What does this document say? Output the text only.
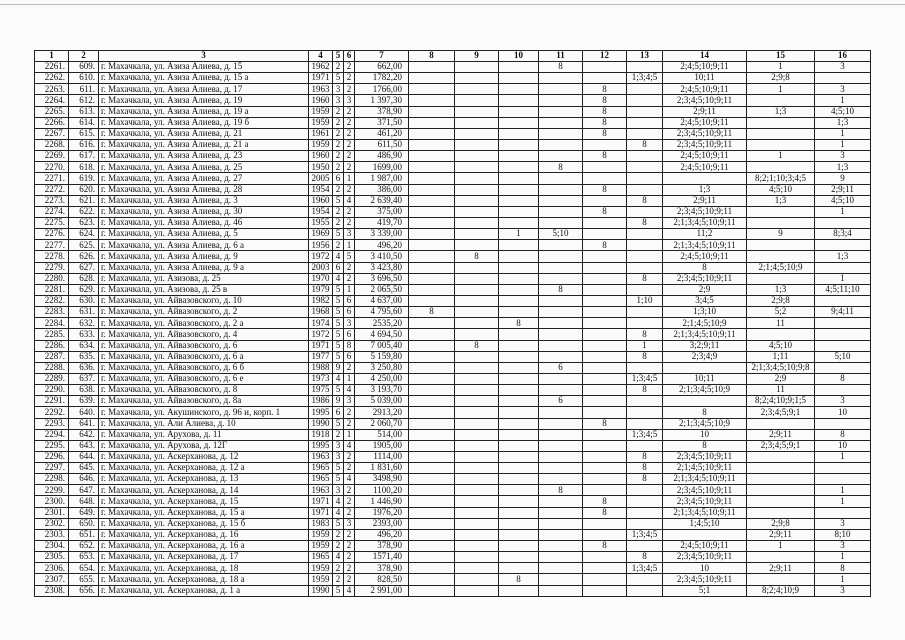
1	2	3	4	5	6	7	8	9	10	11	12	13	14	15	16
2261.	609.	г. Махачкала, ул. Азиза Алиева, д. 15	1962	2	2	662,00				8			2;4;5;10;9;11	1	3
2262.	610.	г. Махачкала, ул. Азиза Алиева, д. 15 а	1971	5	2	1782,20						1;3;4;5	10;11	2;9;8	
2263.	611.	г. Махачкала, ул. Азиза Алиева, д. 17	1963	3	2	1766,00					8		2;4;5;10;9;11	1	3
2264.	612.	г. Махачкала, ул. Азиза Алиева, д. 19	1960	3	3	1 397,30					8		2;3;4;5;10;9;11		1
2265.	613.	г. Махачкала, ул. Азиза Алиева, д. 19 а	1959	2	2	378,90					8		2;9;11	1;3	4;5;10
2266.	614.	г. Махачкала, ул. Азиза Алиева, д. 19 б	1959	2	2	371,50					8		2;4;5;10;9;11		1;3
2267.	615.	г. Махачкала, ул. Азиза Алиева, д. 21	1961	2	2	461,20					8		2;3;4;5;10;9;11		1
2268.	616.	г. Махачкала, ул. Азиза Алиева, д. 21 а	1959	2	2	611,50						8	2;3;4;5;10;9;11		1
2269.	617.	г. Махачкала, ул. Азиза Алиева, д. 23	1960	2	2	486,90					8		2;4;5;10;9;11	1	3
2270.	618.	г. Махачкала, ул. Азиза Алиева, д. 25	1950	2	2	1699,00				8			2;4;5;10;9;11		1;3
2271.	619.	г. Махачкала, ул. Азиза Алиева, д. 27	2005	6	1	1 987,00								8;2;1;10;3;4;5	9
2272.	620.	г. Махачкала, ул. Азиза Алиева, д. 28	1954	2	2	386,00					8		1;3	4;5;10	2;9;11
2273.	621.	г. Махачкала, ул. Азиза Алиева, д. 3	1960	5	4	2 639,40						8	2;9;11	1;3	4;5;10
2274.	622.	г. Махачкала, ул. Азиза Алиева, д. 30	1954	2	2	375,00					8		2;3;4;5;10;9;11		1
2275.	623.	г. Махачкала, ул. Азиза Алиева, д. 46	1955	2	2	419,70						8	2;1;3;4;5;10;9;11		
2276.	624.	г. Махачкала, ул. Азиза Алиева, д. 5	1969	5	3	3 339,00			1	5;10			11;2	9	8;3;4
2277.	625.	г. Махачкала, ул. Азиза Алиева, д. 6 а	1956	2	1	496,20					8		2;1;3;4;5;10;9;11		
2278.	626.	г. Махачкала, ул. Азиза Алиева, д. 9	1972	4	5	3 410,50		8					2;4;5;10;9;11		1;3
2279.	627.	г. Махачкала, ул. Азиза Алиева, д. 9 а	2003	6	2	3 423,80							8	2;1;4;5;10;9	
2280.	628.	г. Махачкала, ул. Азизова, д. 25	1970	4	2	3 696,50						8	2;3;4;5;10;9;11		1
2281.	629.	г. Махачкала, ул. Азизова, д. 25 в	1979	5	1	2 065,50				8			2;9	1;3	4;5;11;10
2282.	630.	г. Махачкала, ул. Айвазовского, д. 10	1982	5	6	4 637,00						1;10	3;4;5	2;9;8	
2283.	631.	г. Махачкала, ул. Айвазовского, д. 2	1968	5	6	4 795,60	8						1;3;10	5;2	9;4;11
2284.	632.	г. Махачкала, ул. Айвазовского, д. 2 а	1974	5	3	2535,20			8				2;1;4;5;10;9	11	
2285.	633.	г. Махачкала, ул. Айвазовского, д. 4	1972	5	6	4 694,50						8	2;1;3;4;5;10;9;11		
2286.	634.	г. Махачкала, ул. Айвазовского, д. 6	1971	5	8	7 005,40		8				1	3;2;9;11	4;5;10	
2287.	635.	г. Махачкала, ул. Айвазовского, д. 6 а	1977	5	6	5 159,80						8	2;3;4;9	1;11	5;10
2288.	636.	г. Махачкала, ул. Айвазовского, д. 6 б	1988	9	2	3 250,80				6				2;1;3;4;5;10;9;8	
2289.	637.	г. Махачкала, ул. Айвазовского, д. 6 е	1973	4	1	4 250,00						1;3;4;5	10;11	2;9	8
2290.	638.	г. Махачкала, ул. Айвазовского, д. 8	1975	5	4	3 193,70						8	2;1;3;4;5;10;9	11	
2291.	639.	г. Махачкала, ул. Айвазовского, д. 8а	1986	9	3	5 039,00				6				8;2;4;10;9;1;5	3
2292.	640.	г. Махачкала, ул. Акушинского, д. 96 и, корп. 1	1995	6	2	2913,20							8	2;3;4;5;9;1	10
2293.	641.	г. Махачкала, ул. Али Алиева, д. 10	1990	5	2	2 060,70					8		2;1;3;4;5;10;9		
2294.	642.	г. Махачкала, ул. Арухова, д. 11	1918	2	1	514,00						1;3;4;5	10	2;9;11	8
2295.	643.	г. Махачкала, ул. Арухова, д. 12Г	1995	3	4	1905,00							8	2;3;4;5;9;1	10
2296.	644.	г. Махачкала, ул. Аскерханова, д. 12	1963	3	2	1114,00						8	2;3;4;5;10;9;11		1
2297.	645.	г. Махачкала, ул. Аскерханова, д. 12 а	1965	5	2	1 831,60						8	2;1;4;5;10;9;11		
2298.	646.	г. Махачкала, ул. Аскерханова, д. 13	1965	5	4	3498,90						8	2;1;3;4;5;10;9;11		
2299.	647.	г. Махачкала, ул. Аскерханова, д. 14	1963	3	2	1100,20				8			2;3;4;5;10;9;11		1
2300.	648.	г. Махачкала, ул. Аскерханова, д. 15	1971	4	2	1 446,90					8		2;3;4;5;10;9;11		1
2301.	649.	г. Махачкала, ул. Аскерханова, д. 15 а	1971	4	2	1976,20					8		2;1;3;4;5;10;9;11		
2302.	650.	г. Махачкала, ул. Аскерханова, д. 15 б	1983	5	3	2393,00							1;4;5;10	2;9;8	3
2303.	651.	г. Махачкала, ул. Аскерханова, д. 16	1959	2	2	496,20						1;3;4;5		2;9;11	8;10
2304.	652.	г. Махачкала, ул. Аскерханова, д. 16 а	1959	2	2	378,90					8		2;4;5;10;9;11	1	3
2305.	653.	г. Махачкала, ул. Аскерханова, д. 17	1965	4	2	1571,40						8	2;3;4;5;10;9;11		1
2306.	654.	г. Махачкала, ул. Аскерханова, д. 18	1959	2	2	378,90						1;3;4;5	10	2;9;11	8
2307.	655.	г. Махачкала, ул. Аскерханова, д. 18 а	1959	2	2	828,50			8				2;3;4;5;10;9;11		1
2308.	656.	г. Махачкала, ул. Аскерханова, д. 1 а	1990	5	4	2 991,00							5;1	8;2;4;10;9	3
